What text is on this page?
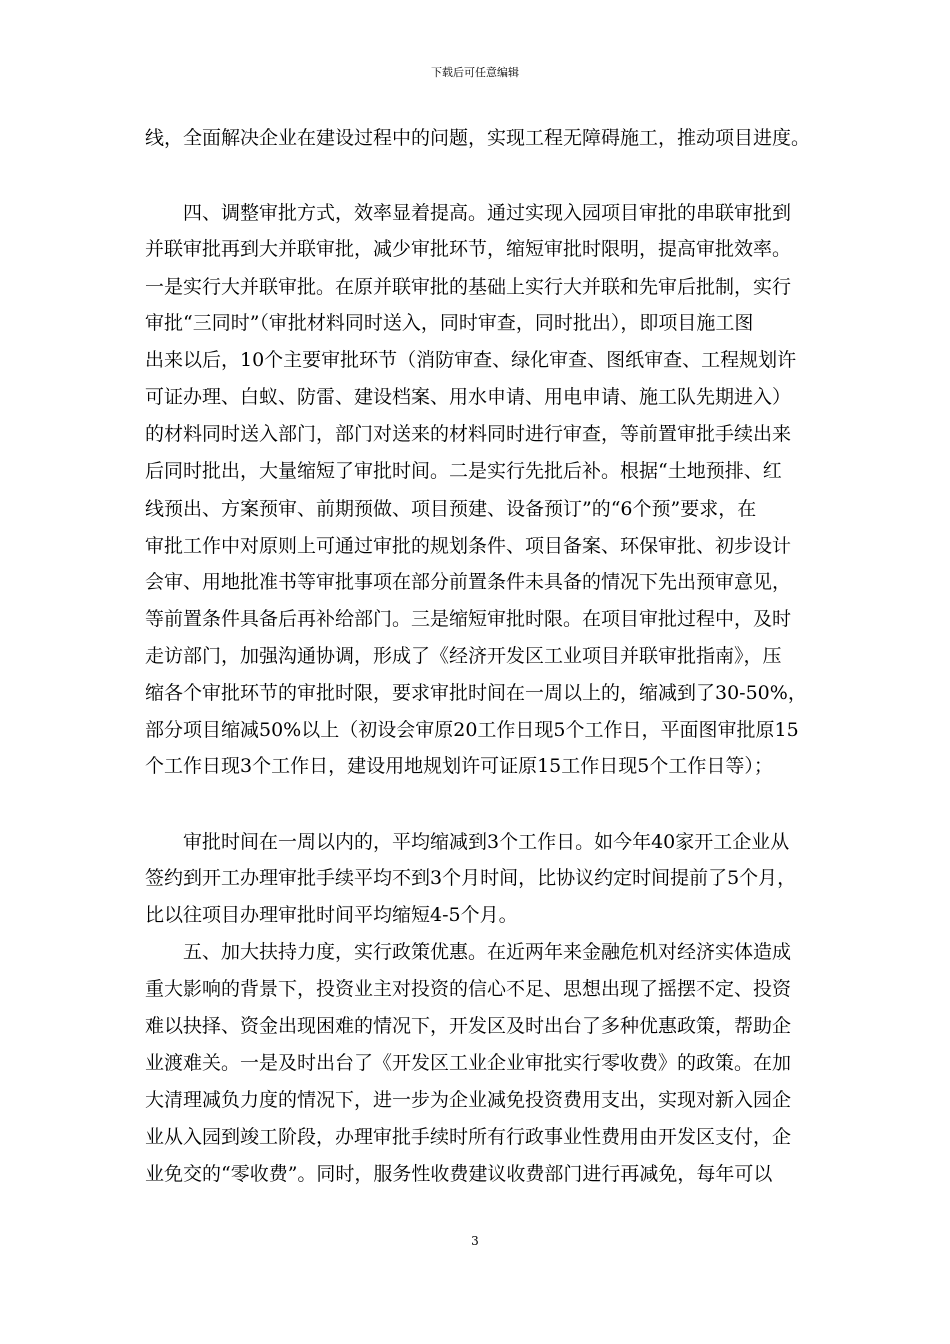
下载后可任意编辑
线，全面解决企业在建设过程中的问题，实现工程无障碍施工，推动项目进度。
　　四、调整审批方式，效率显着提高。通过实现入园项目审批的串联审批到
并联审批再到大并联审批，减少审批环节，缩短审批时限明，提高审批效率。
一是实行大并联审批。在原并联审批的基础上实行大并联和先审后批制，实行
审批“三同时”（审批材料同时送入，同时审查，同时批出），即项目施工图
出来以后，10个主要审批环节（消防审查、绿化审查、图纸审查、工程规划许
可证办理、白蚁、防雷、建设档案、用水申请、用电申请、施工队先期进入）
的材料同时送入部门，部门对送来的材料同时进行审查，等前置审批手续出来
后同时批出，大量缩短了审批时间。二是实行先批后补。根据“土地预排、红
线预出、方案预审、前期预做、项目预建、设备预订”的“6个预”要求，在
审批工作中对原则上可通过审批的规划条件、项目备案、环保审批、初步设计
会审、用地批准书等审批事项在部分前置条件未具备的情况下先出预审意见，
等前置条件具备后再补给部门。三是缩短审批时限。在项目审批过程中，及时
走访部门，加强沟通协调，形成了《经济开发区工业项目并联审批指南》，压
缩各个审批环节的审批时限，要求审批时间在一周以上的，缩减到了30-50%，
部分项目缩减50%以上（初设会审原20工作日现5个工作日，平面图审批原15
个工作日现3个工作日，建设用地规划许可证原15工作日现5个工作日等）；
　　审批时间在一周以内的，平均缩减到3个工作日。如今年40家开工企业从
签约到开工办理审批手续平均不到3个月时间，比协议约定时间提前了5个月，
比以往项目办理审批时间平均缩短4-5个月。
　　五、加大扶持力度，实行政策优惠。在近两年来金融危机对经济实体造成
重大影响的背景下，投资业主对投资的信心不足、思想出现了摇摆不定、投资
难以抉择、资金出现困难的情况下，开发区及时出台了多种优惠政策，帮助企
业渡难关。一是及时出台了《开发区工业企业审批实行零收费》的政策。在加
大清理减负力度的情况下，进一步为企业减免投资费用支出，实现对新入园企
业从入园到竣工阶段，办理审批手续时所有行政事业性费用由开发区支付，企
业免交的“零收费”。同时，服务性收费建议收费部门进行再减免，每年可以
3
